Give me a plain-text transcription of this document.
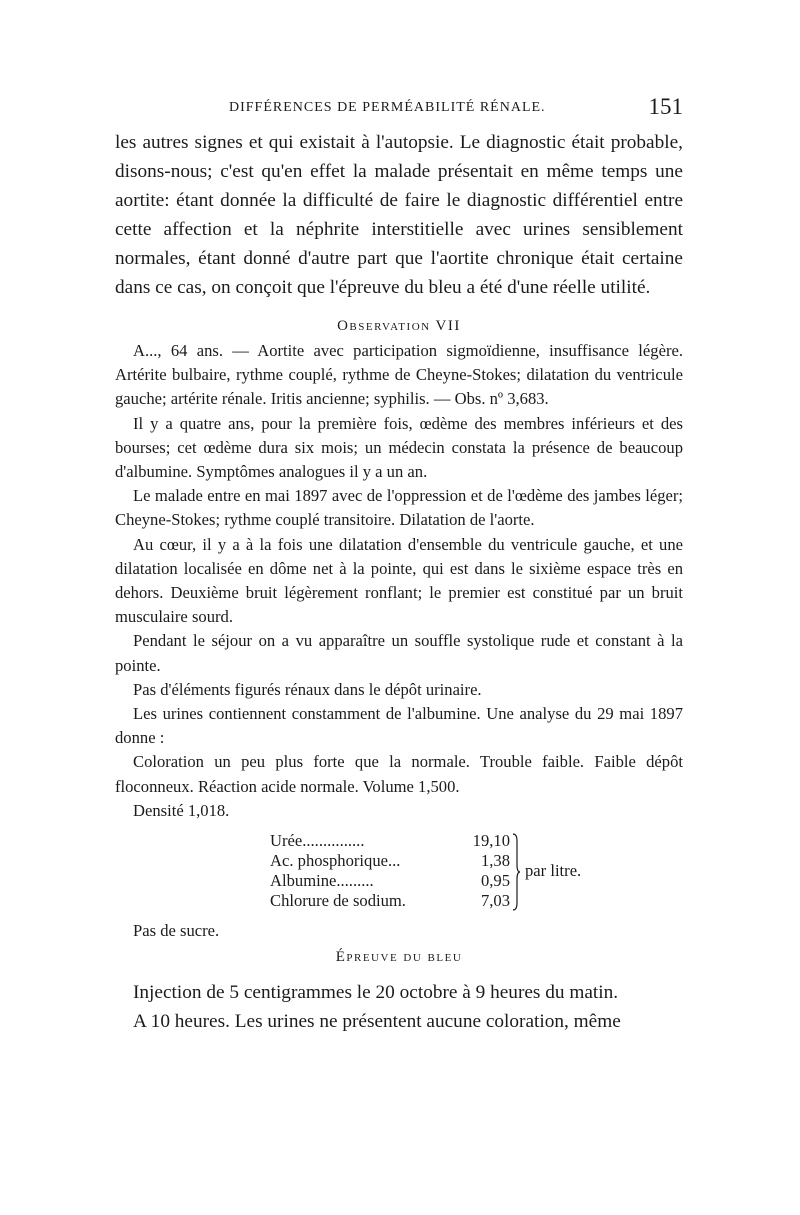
DIFFÉRENCES DE PERMÉABILITÉ RÉNALE.	151

les autres signes et qui existait à l'autopsie. Le diagnostic était probable, disons-nous; c'est qu'en effet la malade présentait en même temps une aortite: étant donnée la difficulté de faire le diagnostic différentiel entre cette affection et la néphrite interstitielle avec urines sensiblement normales, étant donné d'autre part que l'aortite chronique était certaine dans ce cas, on conçoit que l'épreuve du bleu a été d'une réelle utilité.

Observation VII

A..., 64 ans. — Aortite avec participation sigmoïdienne, insuffisance légère. Artérite bulbaire, rythme couplé, rythme de Cheyne-Stokes; dilatation du ventricule gauche; artérite rénale. Iritis ancienne; syphilis. — Obs. nº 3,683.

Il y a quatre ans, pour la première fois, œdème des membres inférieurs et des bourses; cet œdème dura six mois; un médecin constata la présence de beaucoup d'albumine. Symptômes analogues il y a un an.

Le malade entre en mai 1897 avec de l'oppression et de l'œdème des jambes léger; Cheyne-Stokes; rythme couplé transitoire. Dilatation de l'aorte.

Au cœur, il y a à la fois une dilatation d'ensemble du ventricule gauche, et une dilatation localisée en dôme net à la pointe, qui est dans le sixième espace très en dehors. Deuxième bruit légèrement ronflant; le premier est constitué par un bruit musculaire sourd.

Pendant le séjour on a vu apparaître un souffle systolique rude et constant à la pointe.

Pas d'éléments figurés rénaux dans le dépôt urinaire.

Les urines contiennent constamment de l'albumine. Une analyse du 29 mai 1897 donne :

Coloration un peu plus forte que la normale. Trouble faible. Faible dépôt floconneux. Réaction acide normale. Volume 1,500.

Densité 1,018.

Urée...............	19,10
Ac. phosphorique...	1,38
Albumine.........	0,95
Chlorure de sodium.	7,03
par litre.

Pas de sucre.

Épreuve du bleu

Injection de 5 centigrammes le 20 octobre à 9 heures du matin.

A 10 heures. Les urines ne présentent aucune coloration, même
